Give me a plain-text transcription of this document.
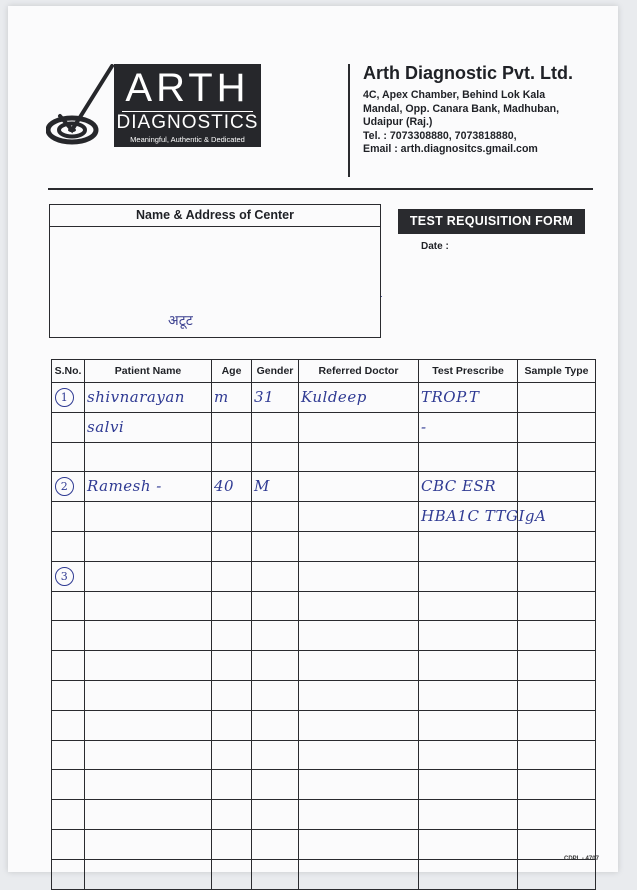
ARTH
DIAGNOSTICS
Meaningful, Authentic & Dedicated
Arth Diagnostic Pvt. Ltd.
4C, Apex Chamber, Behind Lok Kala
Mandal, Opp. Canara Bank, Madhuban,
Udaipur (Raj.)
Tel. : 7073308880, 7073818880,
Email : arth.diagnositcs.gmail.com
Name & Address of Center
अटूट
TEST REQUISITION FORM
Date :
·
S.No.	Patient Name	Age	Gender	Referred Doctor	Test Prescribe	Sample Type
1	shivnarayan	m	31	Kuldeep	TROP.T	
	salvi				-	

2	Ramesh -	40	M		CBC ESR	
					HBA1C TTGIgA	

3						

CDPL - 4707
